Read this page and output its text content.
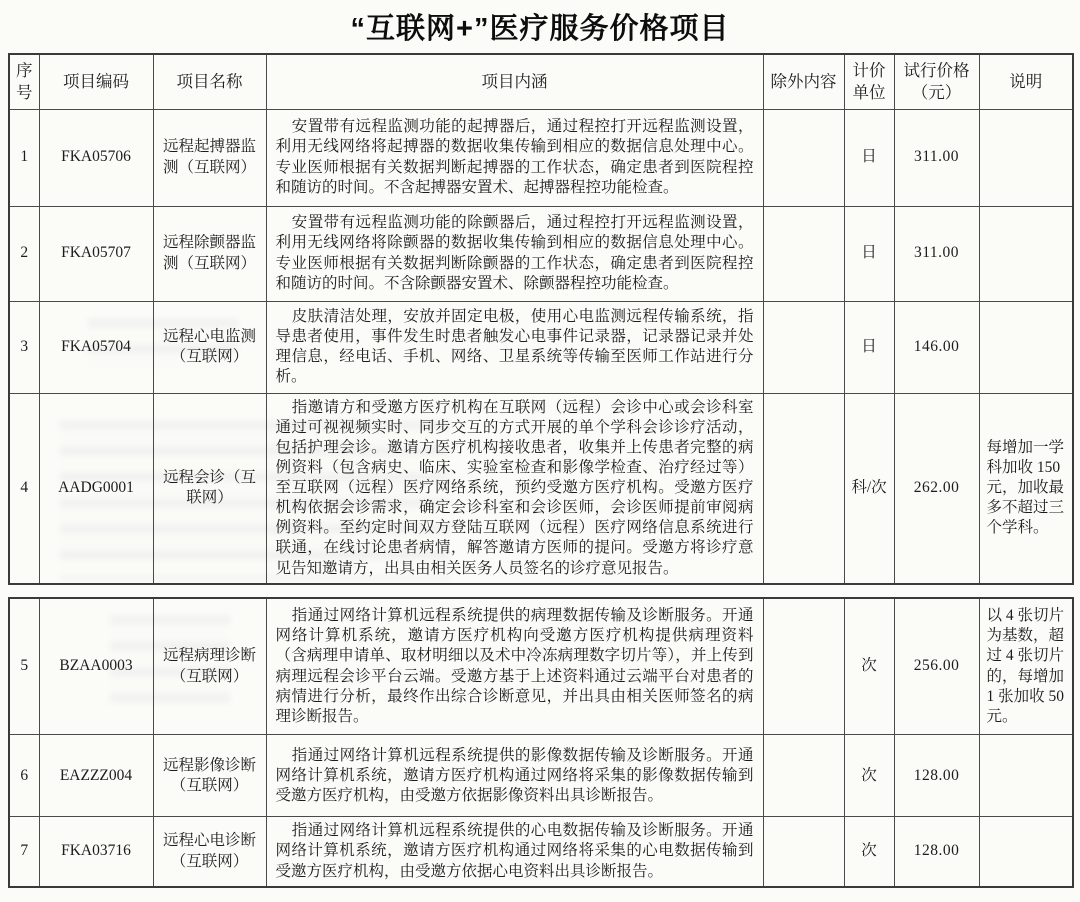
“互联网+”医疗服务价格项目
序号	项目编码	项目名称	项目内涵	除外内容	计价单位	试行价格（元）	说明
1	FKA05706	远程起搏器监测（互联网）	安置带有远程监测功能的起搏器后，通过程控打开远程监测设置，利用无线网络将起搏器的数据收集传输到相应的数据信息处理中心。专业医师根据有关数据判断起搏器的工作状态，确定患者到医院程控和随访的时间。不含起搏器安置术、起搏器程控功能检查。		日	311.00	
2	FKA05707	远程除颤器监测（互联网）	安置带有远程监测功能的除颤器后，通过程控打开远程监测设置，利用无线网络将除颤器的数据收集传输到相应的数据信息处理中心。专业医师根据有关数据判断除颤器的工作状态，确定患者到医院程控和随访的时间。不含除颤器安置术、除颤器程控功能检查。		日	311.00	
3	FKA05704	远程心电监测（互联网）	皮肤清洁处理，安放并固定电极，使用心电监测远程传输系统，指导患者使用，事件发生时患者触发心电事件记录器，记录器记录并处理信息，经电话、手机、网络、卫星系统等传输至医师工作站进行分析。		日	146.00	
4	AADG0001	远程会诊（互联网）	指邀请方和受邀方医疗机构在互联网（远程）会诊中心或会诊科室通过可视视频实时、同步交互的方式开展的单个学科会诊诊疗活动，包括护理会诊。邀请方医疗机构接收患者，收集并上传患者完整的病例资料（包含病史、临床、实验室检查和影像学检查、治疗经过等）至互联网（远程）医疗网络系统，预约受邀方医疗机构。受邀方医疗机构依据会诊需求，确定会诊科室和会诊医师，会诊医师提前审阅病例资料。至约定时间双方登陆互联网（远程）医疗网络信息系统进行联通，在线讨论患者病情，解答邀请方医师的提问。受邀方将诊疗意见告知邀请方，出具由相关医务人员签名的诊疗意见报告。		科/次	262.00	每增加一学科加收 150 元，加收最多不超过三个学科。
5	BZAA0003	远程病理诊断（互联网）	指通过网络计算机远程系统提供的病理数据传输及诊断服务。开通网络计算机系统，邀请方医疗机构向受邀方医疗机构提供病理资料（含病理申请单、取材明细以及术中冷冻病理数字切片等），并上传到病理远程会诊平台云端。受邀方基于上述资料通过云端平台对患者的病情进行分析，最终作出综合诊断意见，并出具由相关医师签名的病理诊断报告。		次	256.00	以 4 张切片为基数，超过 4 张切片的，每增加 1 张加收 50 元。
6	EAZZZ004	远程影像诊断（互联网）	指通过网络计算机远程系统提供的影像数据传输及诊断服务。开通网络计算机系统，邀请方医疗机构通过网络将采集的影像数据传输到受邀方医疗机构，由受邀方依据影像资料出具诊断报告。		次	128.00	
7	FKA03716	远程心电诊断（互联网）	指通过网络计算机远程系统提供的心电数据传输及诊断服务。开通网络计算机系统，邀请方医疗机构通过网络将采集的心电数据传输到受邀方医疗机构，由受邀方依据心电资料出具诊断报告。		次	128.00	
